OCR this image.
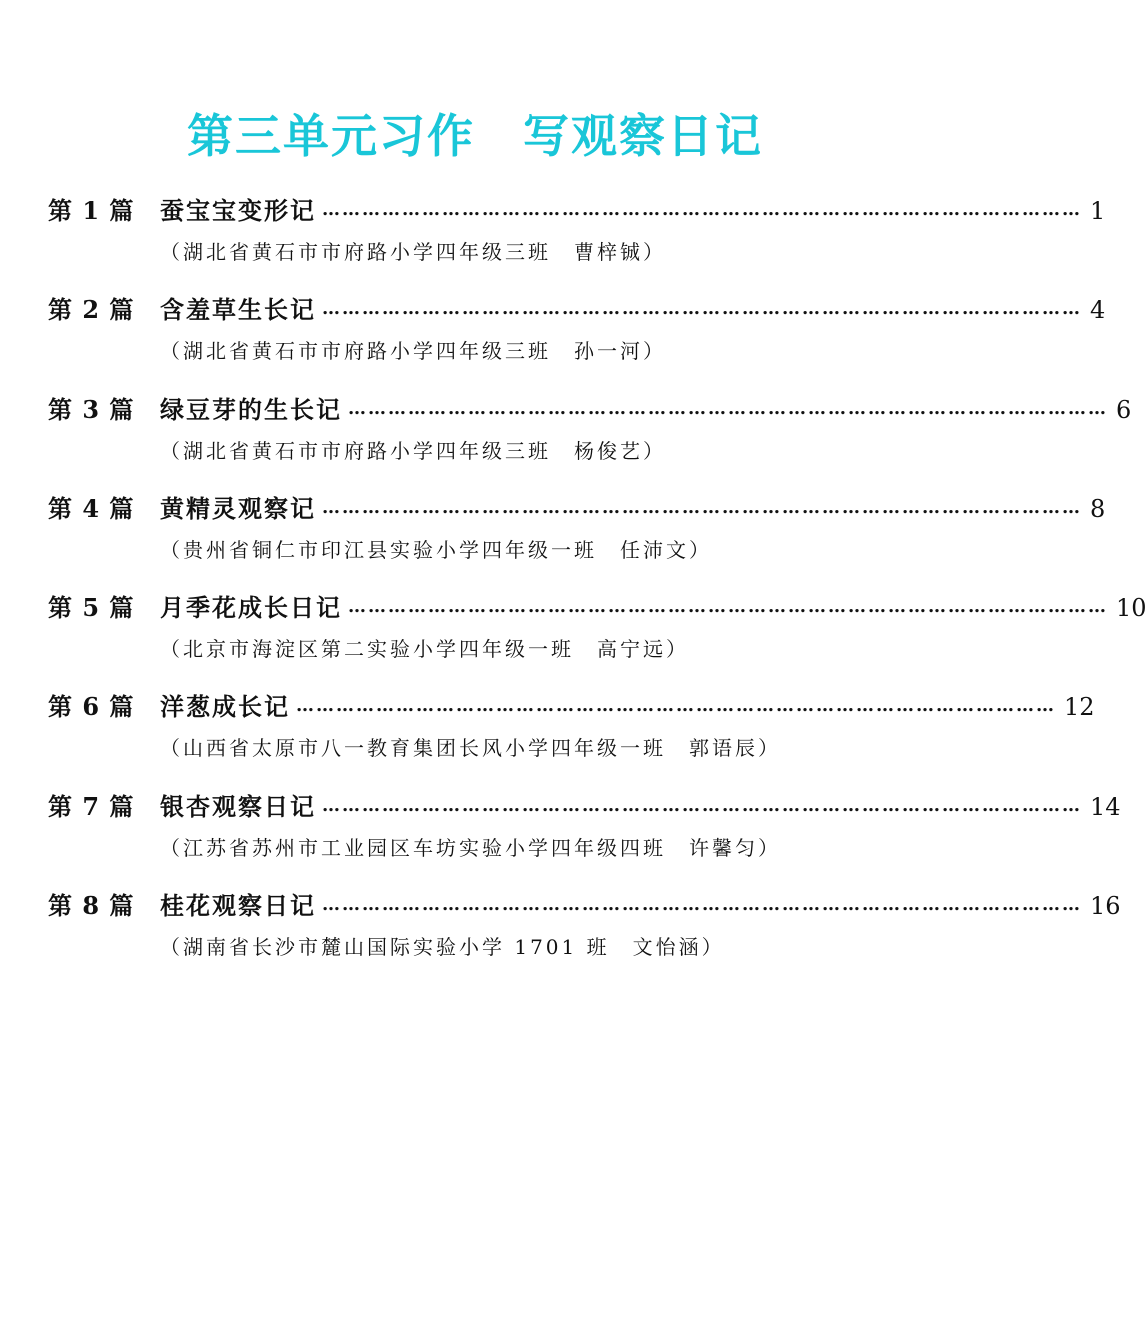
第三单元习作　写观察日记
第 1 篇	蚕宝宝变形记 …………………………………………………………………………………………………… 1
（湖北省黄石市市府路小学四年级三班　曹梓铖）
第 2 篇	含羞草生长记 …………………………………………………………………………………………………… 4
（湖北省黄石市市府路小学四年级三班　孙一河）
第 3 篇	绿豆芽的生长记 …………………………………………………………………………………………………… 6
（湖北省黄石市市府路小学四年级三班　杨俊艺）
第 4 篇	黄精灵观察记 …………………………………………………………………………………………………… 8
（贵州省铜仁市印江县实验小学四年级一班　任沛文）
第 5 篇	月季花成长日记 …………………………………………………………………………………………………… 10
（北京市海淀区第二实验小学四年级一班　高宁远）
第 6 篇	洋葱成长记 …………………………………………………………………………………………………… 12
（山西省太原市八一教育集团长风小学四年级一班　郭语辰）
第 7 篇	银杏观察日记 …………………………………………………………………………………………………… 14
（江苏省苏州市工业园区车坊实验小学四年级四班　许馨匀）
第 8 篇	桂花观察日记 …………………………………………………………………………………………………… 16
（湖南省长沙市麓山国际实验小学 1701 班　文怡涵）
